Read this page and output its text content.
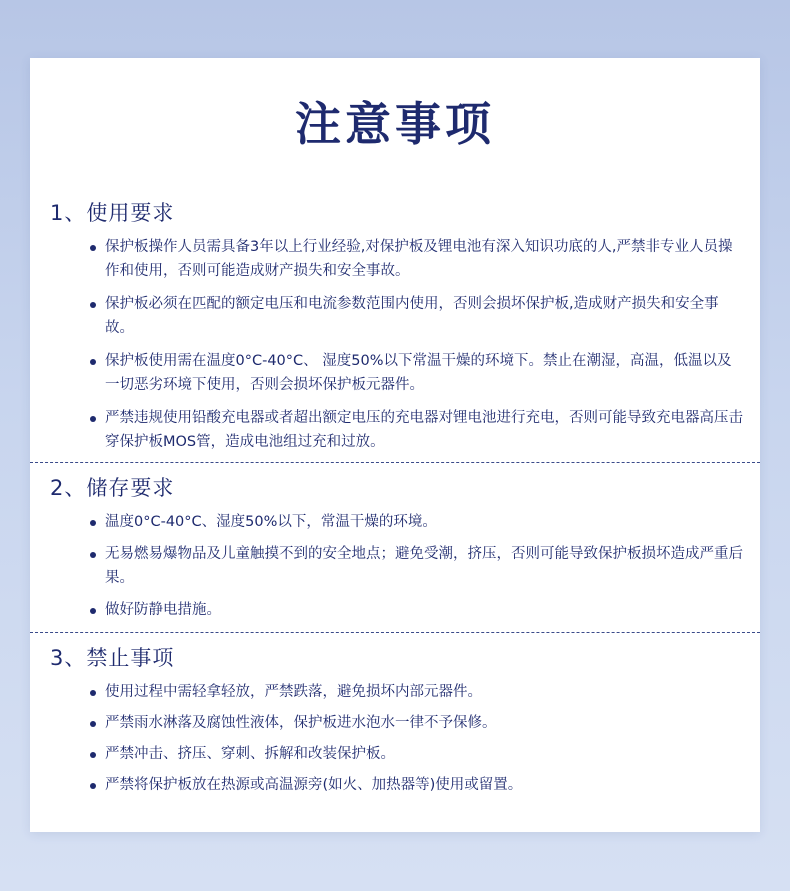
注意事项
1、使用要求
保护板操作人员需具备3年以上行业经验,对保护板及锂电池有深入知识功底的人,严禁非专业人员操作和使用，否则可能造成财产损失和安全事故。
保护板必须在匹配的额定电压和电流参数范围内使用，否则会损坏保护板,造成财产损失和安全事故。
保护板使用需在温度0°C-40°C、 湿度50%以下常温干燥的环境下。禁止在潮湿，高温，低温以及一切恶劣环境下使用，否则会损坏保护板元器件。
严禁违规使用铅酸充电器或者超出额定电压的充电器对锂电池进行充电，否则可能导致充电器高压击穿保护板MOS管，造成电池组过充和过放。
2、储存要求
温度0°C-40°C、湿度50%以下，常温干燥的环境。
无易燃易爆物品及儿童触摸不到的安全地点；避免受潮，挤压，否则可能导致保护板损坏造成严重后果。
做好防静电措施。
3、禁止事项
使用过程中需轻拿轻放，严禁跌落，避免损坏内部元器件。
严禁雨水淋落及腐蚀性液体，保护板进水泡水一律不予保修。
严禁冲击、挤压、穿刺、拆解和改装保护板。
严禁将保护板放在热源或高温源旁(如火、加热器等)使用或留置。
